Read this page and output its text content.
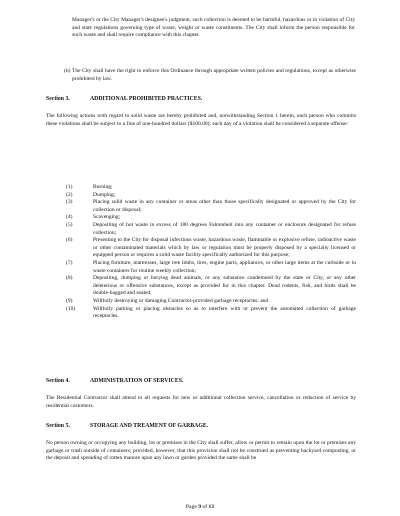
Manager's or the City Manager's designee's judgment, such collection is deemed to be harmful, hazardous or in violation of City and state regulations governing type of waste, weight or waste constituents. The City shall inform the person responsible for such waste and shall require compliance with this chapter.
(h) The City shall have the right to enforce this Ordinance through appropriate written policies and regulations, except as otherwise prohibited by law.
Section 3.	ADDITIONAL PROHIBITED PRACTICES.
The following actions with regard to solid waste are hereby prohibited and, notwithstanding Section 1 herein, each person who commits these violations shall be subject to a fine of one-hundred dollars ($100.00); each day of a violation shall be considered a separate offense:
(1)	Burning;
(2)	Dumping;
(3)	Placing solid waste in any container or areas other than those specifically designated or approved by the City for collection or disposal;
(4)	Scavenging;
(5)	Depositing of hot waste in excess of 180 degrees Fahrenheit into any container or enclosure designated for refuse collection;
(6)	Presenting to the City for disposal infectious waste, hazardous waste, flammable or explosive refuse, radioactive waste or other contaminated materials which by law or regulation must be properly disposed by a specially licensed or equipped person or requires a solid waste facility specifically authorized for this purpose;
(7)	Placing furniture, mattresses, large tree limbs, tires, engine parts, appliances, or other large items at the curbside or in waste containers for routine weekly collection;
(8)	Depositing, dumping or burying dead animals, or any substance condemned by the state or City, or any other deleterious or offensive substances, except as provided for in this chapter. Dead rodents, fish, and birds shall be double-bagged and sealed;
(9)	Willfully destroying or damaging Contractor-provided garbage receptacles; and
(10)	Willfully parking or placing obstacles so as to interfere with or prevent the automated collection of garbage receptacles.
Section 4.	ADMINISTRATION OF SERVICES.
The Residential Contractor shall attend to all requests for new or additional collection service, cancellation or reduction of service by residential customers.
Section 5.	STORAGE AND TREAMENT OF GARBAGE.
No person owning or occupying any building, lot or premises in the City shall suffer, allow or permit to remain upon the lot or premises any garbage or trash outside of containers; provided, however, that this provision shall not be construed as preventing backyard composting, or the deposit and spreading of rotten manure upon any lawn or garden provided the same shall be
Page 9 of 13
